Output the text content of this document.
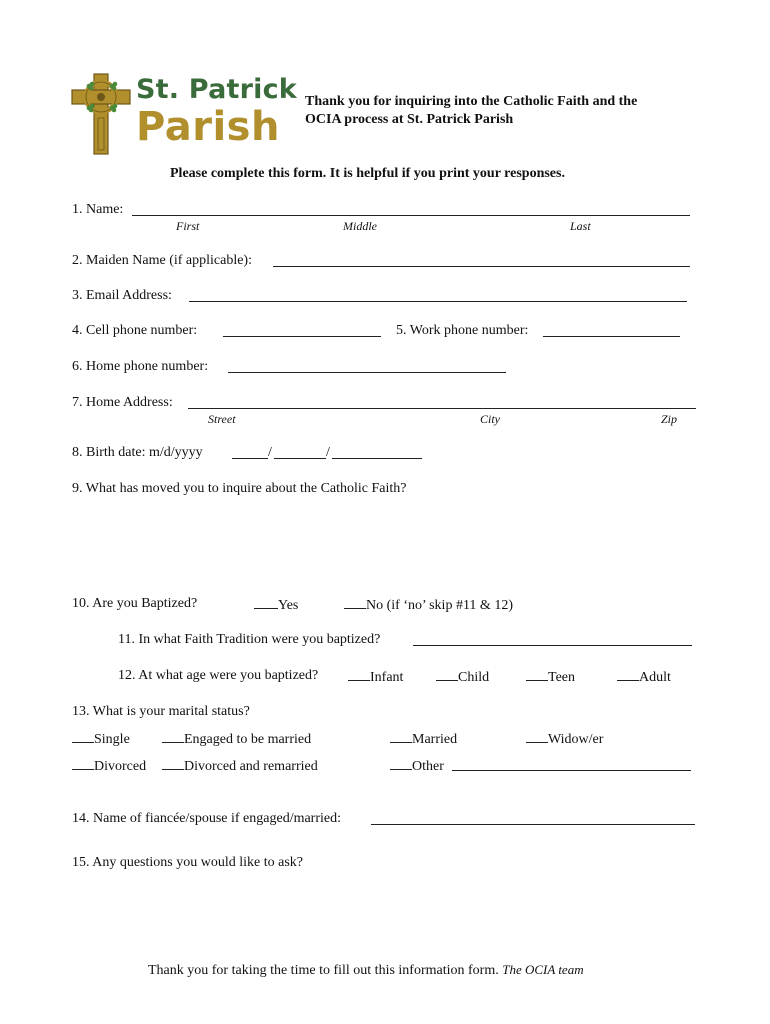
St. Patrick
Parish
Thank you for inquiring into the Catholic Faith and the
OCIA process at St. Patrick Parish
Please complete this form. It is helpful if you print your responses.
1. Name:
First	Middle	Last
2. Maiden Name (if applicable):
3. Email Address:
4. Cell phone number:	5. Work phone number:
6. Home phone number:
7. Home Address:
Street	City	Zip
8. Birth date: m/d/yyyy	/	/
9. What has moved you to inquire about the Catholic Faith?
10. Are you Baptized?	Yes	No (if ‘no’ skip #11 & 12)
11. In what Faith Tradition were you baptized?
12. At what age were you baptized?	Infant	Child	Teen	Adult
13. What is your marital status?
Single	Engaged to be married	Married	Widow/er
Divorced	Divorced and remarried	Other
14. Name of fiancée/spouse if engaged/married:
15. Any questions you would like to ask?
Thank you for taking the time to fill out this information form. The OCIA team
